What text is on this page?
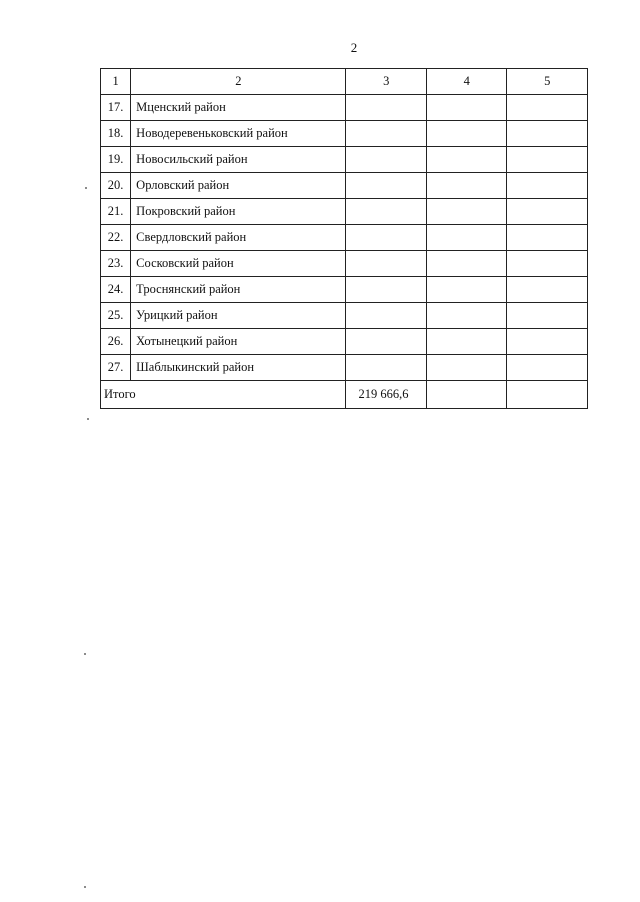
2
1	2	3	4	5
17.	Мценский район			
18.	Новодеревеньковский район			
19.	Новосильский район			
20.	Орловский район			
21.	Покровский район			
22.	Свердловский район			
23.	Сосковский район			
24.	Троснянский район			
25.	Урицкий район			
26.	Хотынецкий район			
27.	Шаблыкинский район			
Итого		219 666,6		
